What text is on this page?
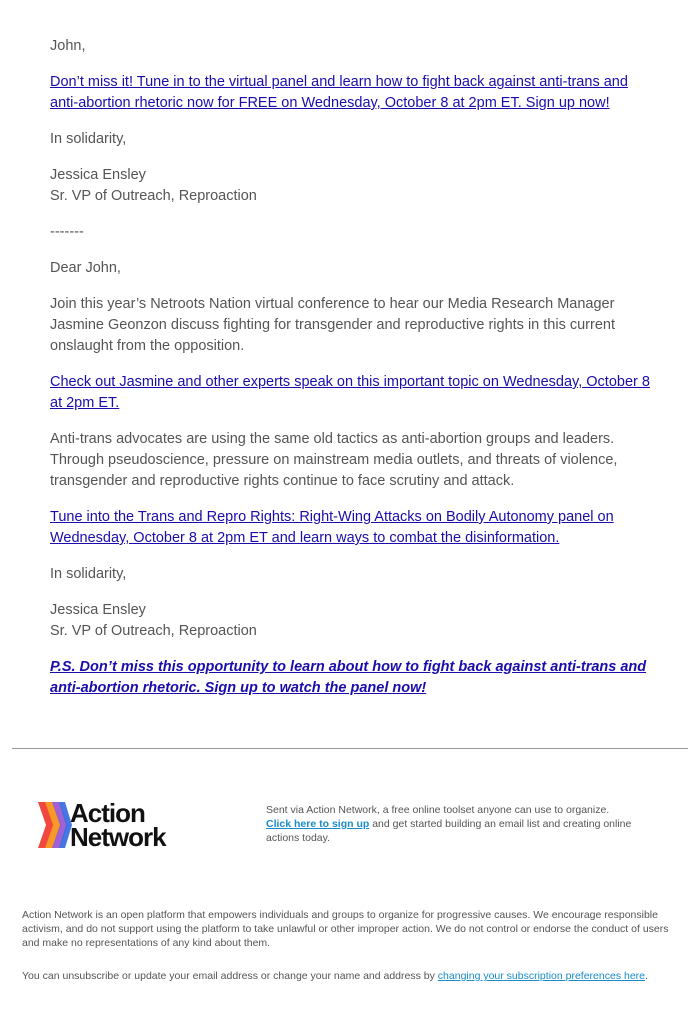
John,

Don’t miss it! Tune in to the virtual panel and learn how to fight back against anti-trans and anti-abortion rhetoric now for FREE on Wednesday, October 8 at 2pm ET. Sign up now!

In solidarity,

Jessica Ensley
Sr. VP of Outreach, Reproaction

-------

Dear John,

Join this year’s Netroots Nation virtual conference to hear our Media Research Manager Jasmine Geonzon discuss fighting for transgender and reproductive rights in this current onslaught from the opposition.

Check out Jasmine and other experts speak on this important topic on Wednesday, October 8 at 2pm ET.

Anti-trans advocates are using the same old tactics as anti-abortion groups and leaders. Through pseudoscience, pressure on mainstream media outlets, and threats of violence, transgender and reproductive rights continue to face scrutiny and attack.

Tune into the Trans and Repro Rights: Right-Wing Attacks on Bodily Autonomy panel on Wednesday, October 8 at 2pm ET and learn ways to combat the disinformation.

In solidarity,

Jessica Ensley
Sr. VP of Outreach, Reproaction

P.S. Don’t miss this opportunity to learn about how to fight back against anti-trans and anti-abortion rhetoric. Sign up to watch the panel now!

Action
Network
Sent via Action Network, a free online toolset anyone can use to organize.
Click here to sign up and get started building an email list and creating online actions today.
Action Network is an open platform that empowers individuals and groups to organize for progressive causes. We encourage responsible activism, and do not support using the platform to take unlawful or other improper action. We do not control or endorse the conduct of users and make no representations of any kind about them.
You can unsubscribe or update your email address or change your name and address by changing your subscription preferences here.
